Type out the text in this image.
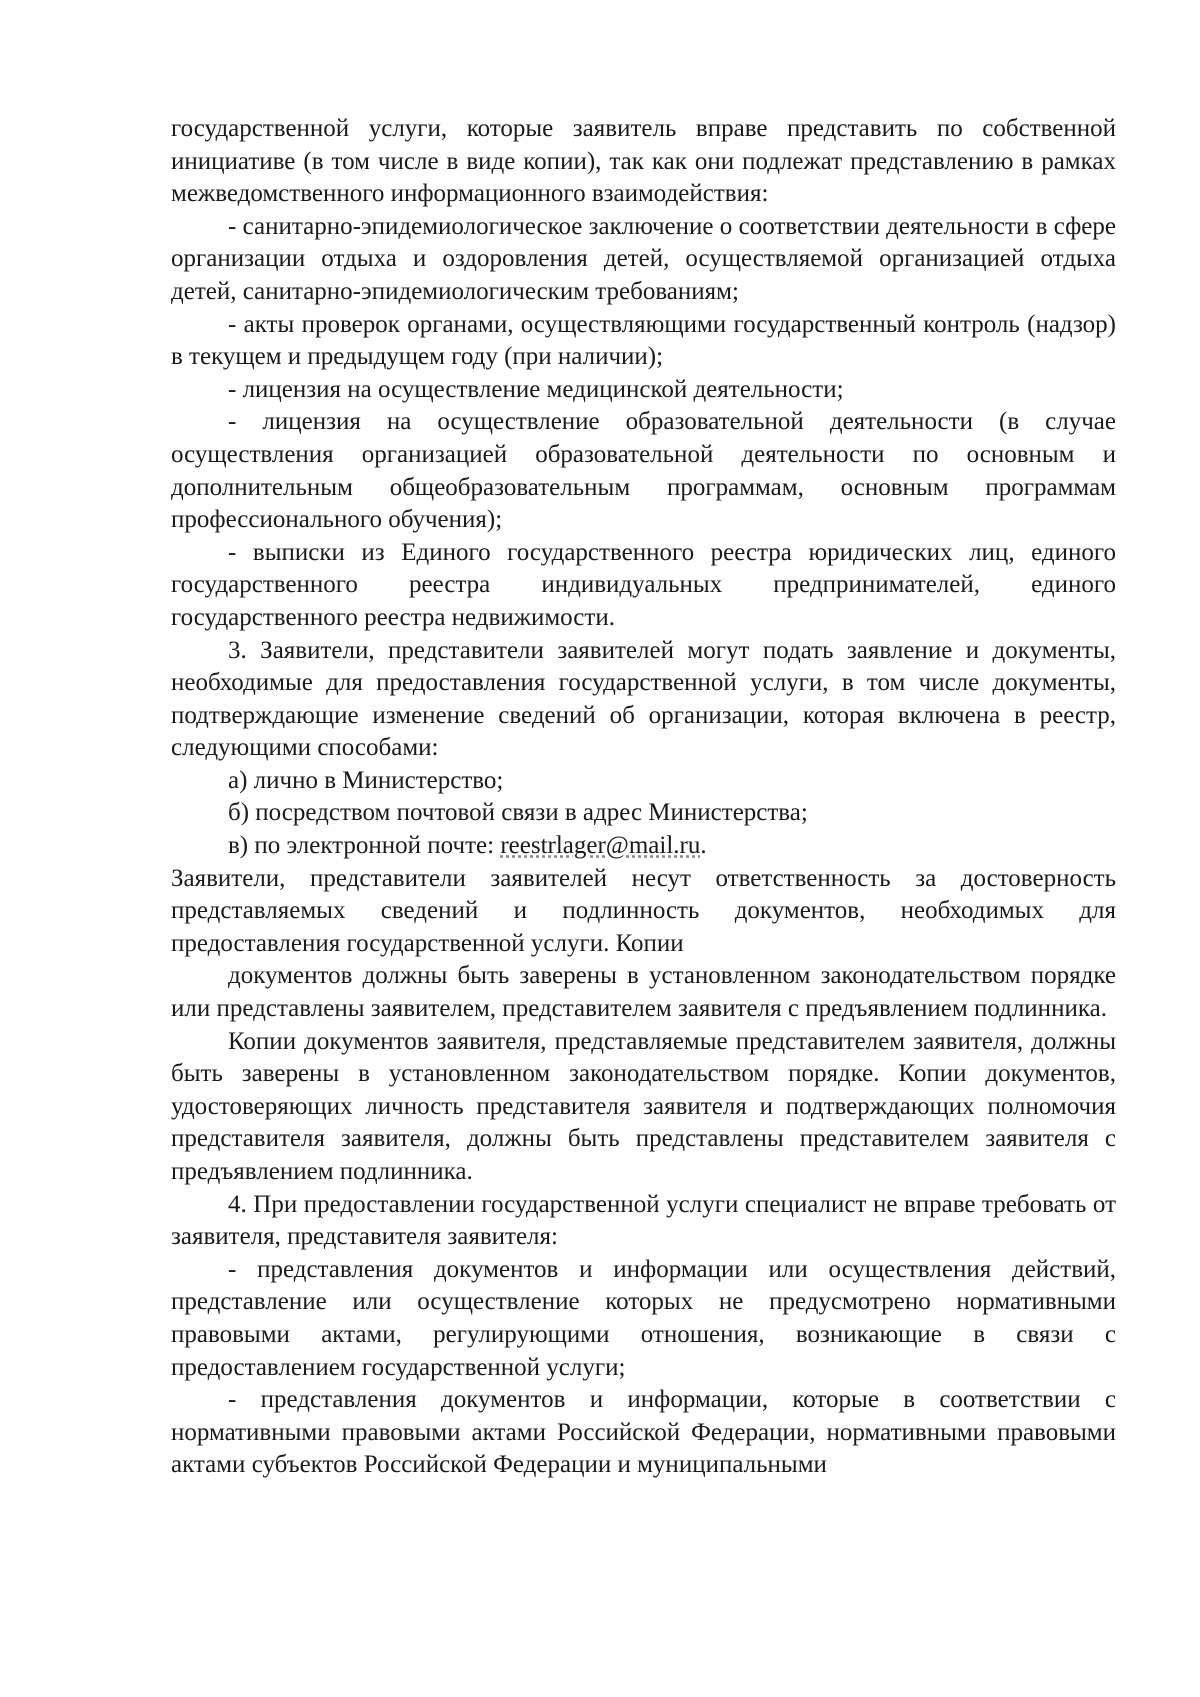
государственной услуги, которые заявитель вправе представить по собственной инициативе (в том числе в виде копии), так как они подлежат представлению в рамках межведомственного информационного взаимодействия:

- санитарно-эпидемиологическое заключение о соответствии деятельности в сфере организации отдыха и оздоровления детей, осуществляемой организацией отдыха детей, санитарно-эпидемиологическим требованиям;

- акты проверок органами, осуществляющими государственный контроль (надзор) в текущем и предыдущем году (при наличии);

- лицензия на осуществление медицинской деятельности;

- лицензия на осуществление образовательной деятельности (в случае осуществления организацией образовательной деятельности по основным и дополнительным общеобразовательным программам, основным программам профессионального обучения);

- выписки из Единого государственного реестра юридических лиц, единого государственного реестра индивидуальных предпринимателей, единого государственного реестра недвижимости.

3. Заявители, представители заявителей могут подать заявление и документы, необходимые для предоставления государственной услуги, в том числе документы, подтверждающие изменение сведений об организации, которая включена в реестр, следующими способами:

а) лично в Министерство;

б) посредством почтовой связи в адрес Министерства;

в) по электронной почте: reestrlager@mail.ru.

Заявители, представители заявителей несут ответственность за достоверность представляемых сведений и подлинность документов, необходимых для предоставления государственной услуги. Копии

документов должны быть заверены в установленном законодательством порядке или представлены заявителем, представителем заявителя с предъявлением подлинника.

Копии документов заявителя, представляемые представителем заявителя, должны быть заверены в установленном законодательством порядке. Копии документов, удостоверяющих личность представителя заявителя и подтверждающих полномочия представителя заявителя, должны быть представлены представителем заявителя с предъявлением подлинника.

4. При предоставлении государственной услуги специалист не вправе требовать от заявителя, представителя заявителя:

- представления документов и информации или осуществления действий, представление или осуществление которых не предусмотрено нормативными правовыми актами, регулирующими отношения, возникающие в связи с предоставлением государственной услуги;

- представления документов и информации, которые в соответствии с нормативными правовыми актами Российской Федерации, нормативными правовыми актами субъектов Российской Федерации и муниципальными
